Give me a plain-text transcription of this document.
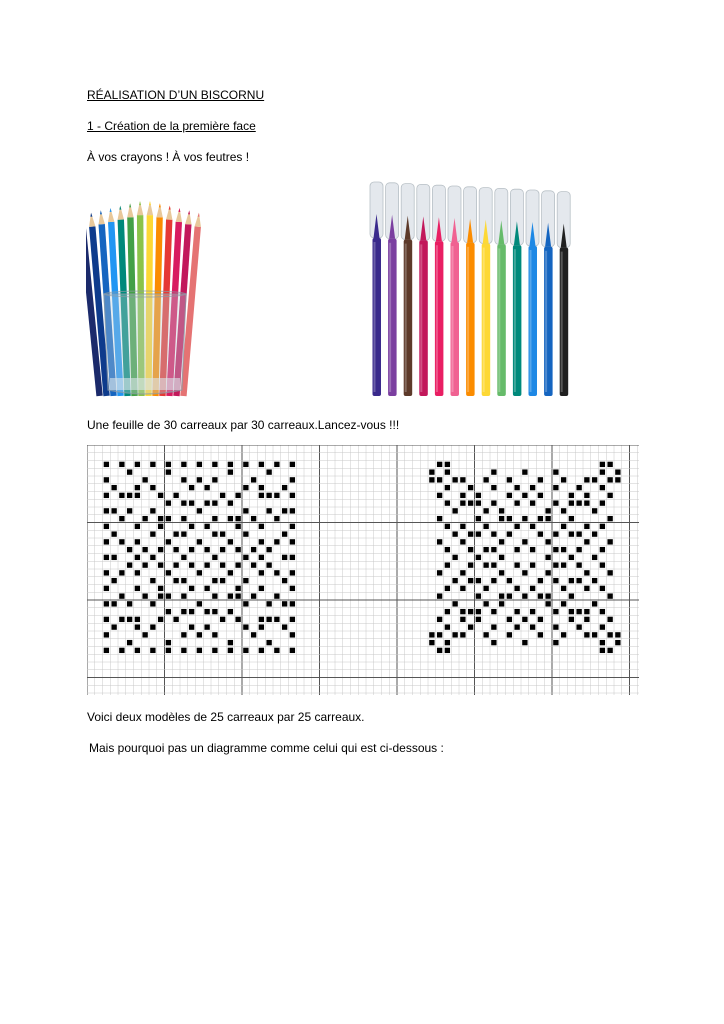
RÉALISATION D’UN BISCORNU
1 - Création de la première face
À vos crayons ! À vos feutres !
Une feuille de 30 carreaux par 30 carreaux.Lancez-vous !!!
Voici deux modèles de 25 carreaux par 25 carreaux.
Mais pourquoi pas un diagramme comme celui qui est ci-dessous :
